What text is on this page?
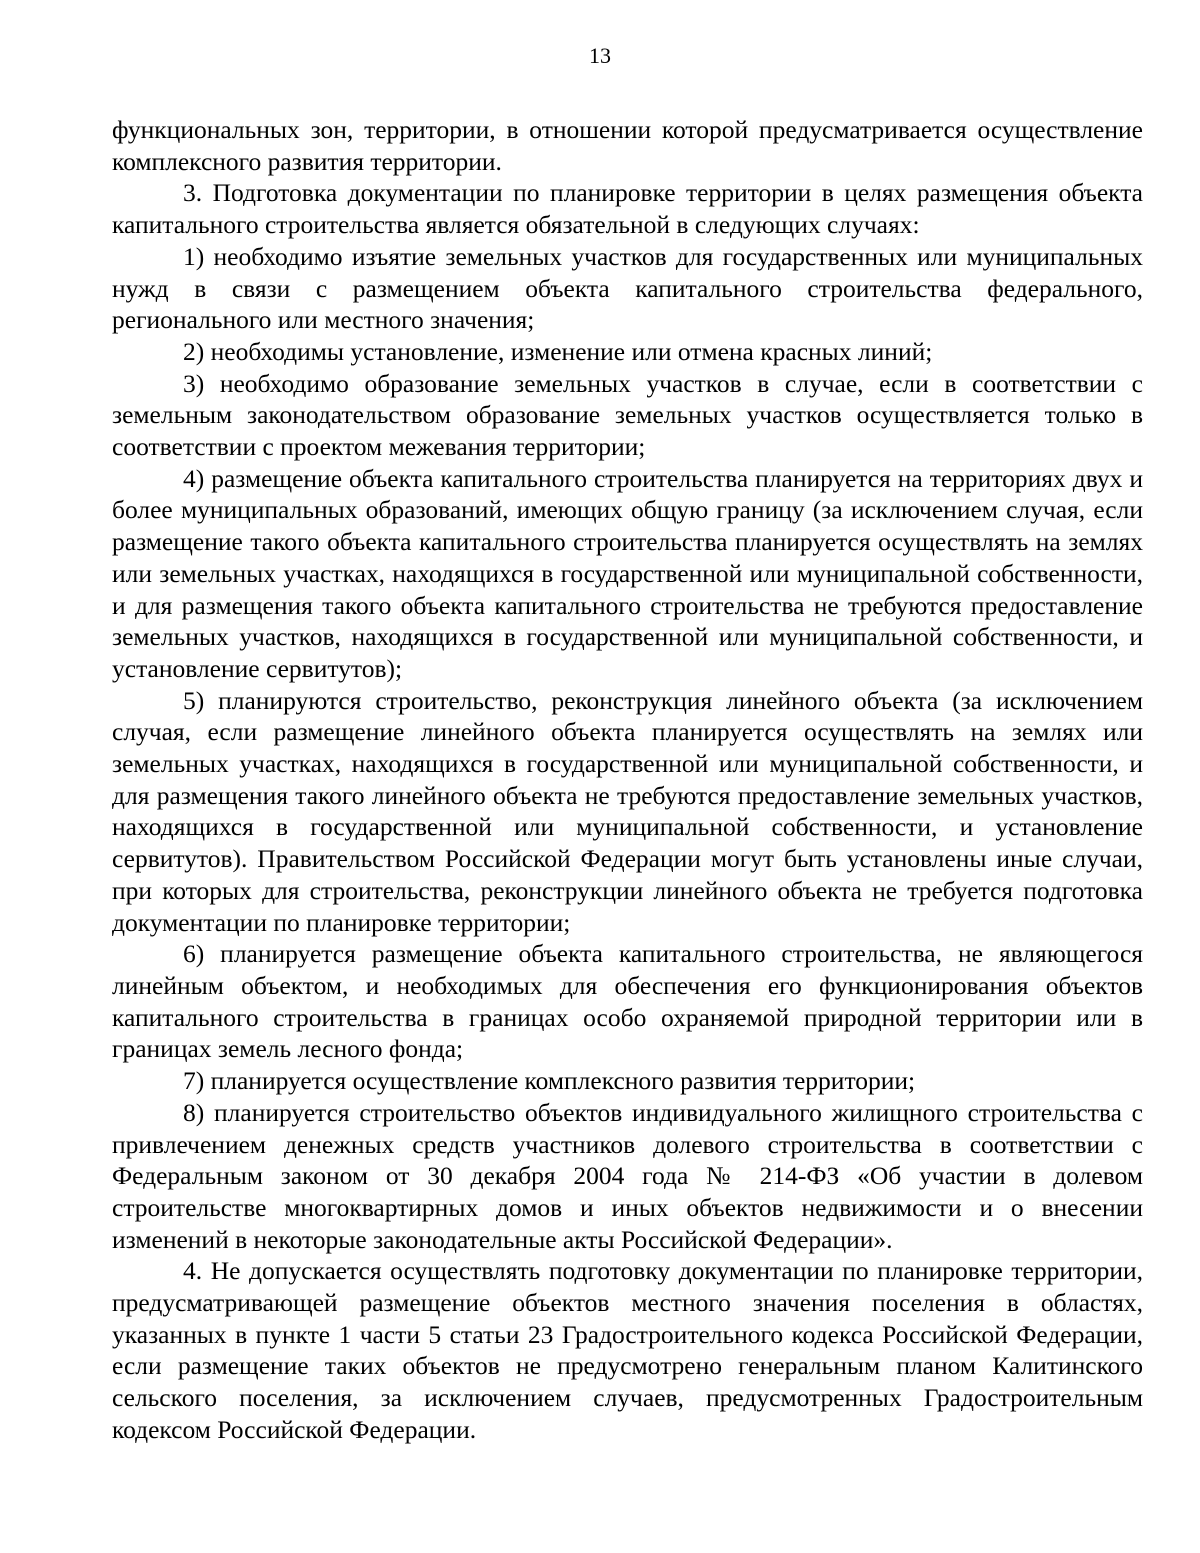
13

функциональных зон, территории, в отношении которой предусматривается осуществление комплексного развития территории.

3. Подготовка документации по планировке территории в целях размещения объекта капитального строительства является обязательной в следующих случаях:

1) необходимо изъятие земельных участков для государственных или муниципальных нужд в связи с размещением объекта капитального строительства федерального, регионального или местного значения;

2) необходимы установление, изменение или отмена красных линий;

3) необходимо образование земельных участков в случае, если в соответствии с земельным законодательством образование земельных участков осуществляется только в соответствии с проектом межевания территории;

4) размещение объекта капитального строительства планируется на территориях двух и более муниципальных образований, имеющих общую границу (за исключением случая, если размещение такого объекта капитального строительства планируется осуществлять на землях или земельных участках, находящихся в государственной или муниципальной собственности, и для размещения такого объекта капитального строительства не требуются предоставление земельных участков, находящихся в государственной или муниципальной собственности, и установление сервитутов);

5) планируются строительство, реконструкция линейного объекта (за исключением случая, если размещение линейного объекта планируется осуществлять на землях или земельных участках, находящихся в государственной или муниципальной собственности, и для размещения такого линейного объекта не требуются предоставление земельных участков, находящихся в государственной или муниципальной собственности, и установление сервитутов). Правительством Российской Федерации могут быть установлены иные случаи, при которых для строительства, реконструкции линейного объекта не требуется подготовка документации по планировке территории;

6) планируется размещение объекта капитального строительства, не являющегося линейным объектом, и необходимых для обеспечения его функционирования объектов капитального строительства в границах особо охраняемой природной территории или в границах земель лесного фонда;

7) планируется осуществление комплексного развития территории;

8) планируется строительство объектов индивидуального жилищного строительства с привлечением денежных средств участников долевого строительства в соответствии с Федеральным законом от 30 декабря 2004 года № 214-ФЗ «Об участии в долевом строительстве многоквартирных домов и иных объектов недвижимости и о внесении изменений в некоторые законодательные акты Российской Федерации».

4. Не допускается осуществлять подготовку документации по планировке территории, предусматривающей размещение объектов местного значения поселения в областях, указанных в пункте 1 части 5 статьи 23 Градостроительного кодекса Российской Федерации, если размещение таких объектов не предусмотрено генеральным планом Калитинского сельского поселения, за исключением случаев, предусмотренных Градостроительным кодексом Российской Федерации.
